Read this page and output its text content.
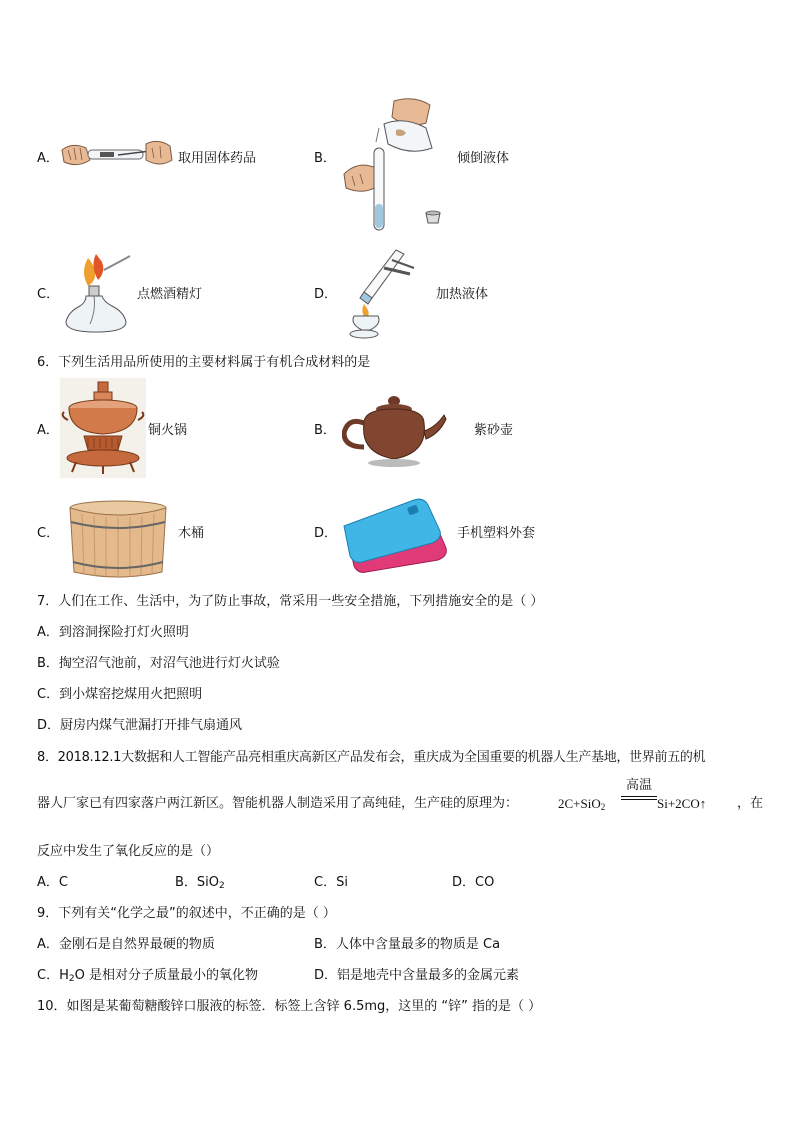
A．	取用固体药品	B．	倾倒液体
C．	点燃酒精灯	D．	加热液体
6．下列生活用品所使用的主要材料属于有机合成材料的是
A．	铜火锅	B．	紫砂壶
C．	木桶	D．	手机塑料外套
7．人们在工作、生活中，为了防止事故，常采用一些安全措施，下列措施安全的是（ ）
A．到溶洞探险打灯火照明
B．掏空沼气池前，对沼气池进行灯火试验
C．到小煤窑挖煤用火把照明
D．厨房内煤气泄漏打开排气扇通风
8．2018.12.1大数据和人工智能产品亮相重庆高新区产品发布会，重庆成为全国重要的机器人生产基地，世界前五的机
器人厂家已有四家落户两江新区。智能机器人制造采用了高纯硅，生产硅的原理为：	2C+SiO$_2$
高温
Si+2CO↑ ，在
反应中发生了氧化反应的是（）
A．C	B．SiO$_2$	C．Si	D．CO
9．下列有关“化学之最”的叙述中，不正确的是（ ）
A．金刚石是自然界最硬的物质	B．人体中含量最多的物质是 Ca
C．$H_2O$ 是相对分子质量最小的氧化物	D．铝是地壳中含量最多的金属元素
10．如图是某葡萄糖酸锌口服液的标签．标签上含锌 6.5mg，这里的 “锌” 指的是（ ）
